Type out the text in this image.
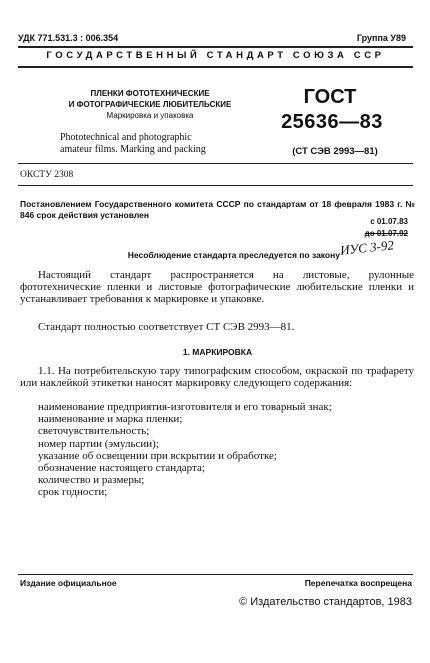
УДК 771.531.3 : 006.354	Группа У89
ГОСУДАРСТВЕННЫЙ СТАНДАРТ СОЮЗА ССР
ПЛЕНКИ ФОТОТЕХНИЧЕСКИЕ
И ФОТОГРАФИЧЕСКИЕ ЛЮБИТЕЛЬСКИЕ
Маркировка и упаковка
Phototechnical and photographic
amateur films. Marking and packing
ГОСТ
25636—83
(СТ СЭВ 2993—81)
ОКСТУ 2308
Постановлением Государственного комитета СССР по стандартам от 18 февраля 1983 г. № 846 срок действия установлен
с 01.07.83
до 01.07.92
Несоблюдение стандарта преследуется по закону ИУС 3-92
Настоящий стандарт распространяется на листовые, рулонные фототехнические пленки и листовые фотографические любительские пленки и устанавливает требования к маркировке и упаковке.
Стандарт полностью соответствует СТ СЭВ 2993—81.
1. МАРКИРОВКА
1.1. На потребительскую тару типографским способом, окраской по трафарету или наклейкой этикетки наносят маркировку следующего содержания:
наименование предприятия-изготовителя и его товарный знак;
наименование и марка пленки;
светочувствительность;
номер партии (эмульсии);
указание об освещении при вскрытии и обработке;
обозначение настоящего стандарта;
количество и размеры;
срок годности;
Издание официальное	Перепечатка воспрещена
© Издательство стандартов, 1983
